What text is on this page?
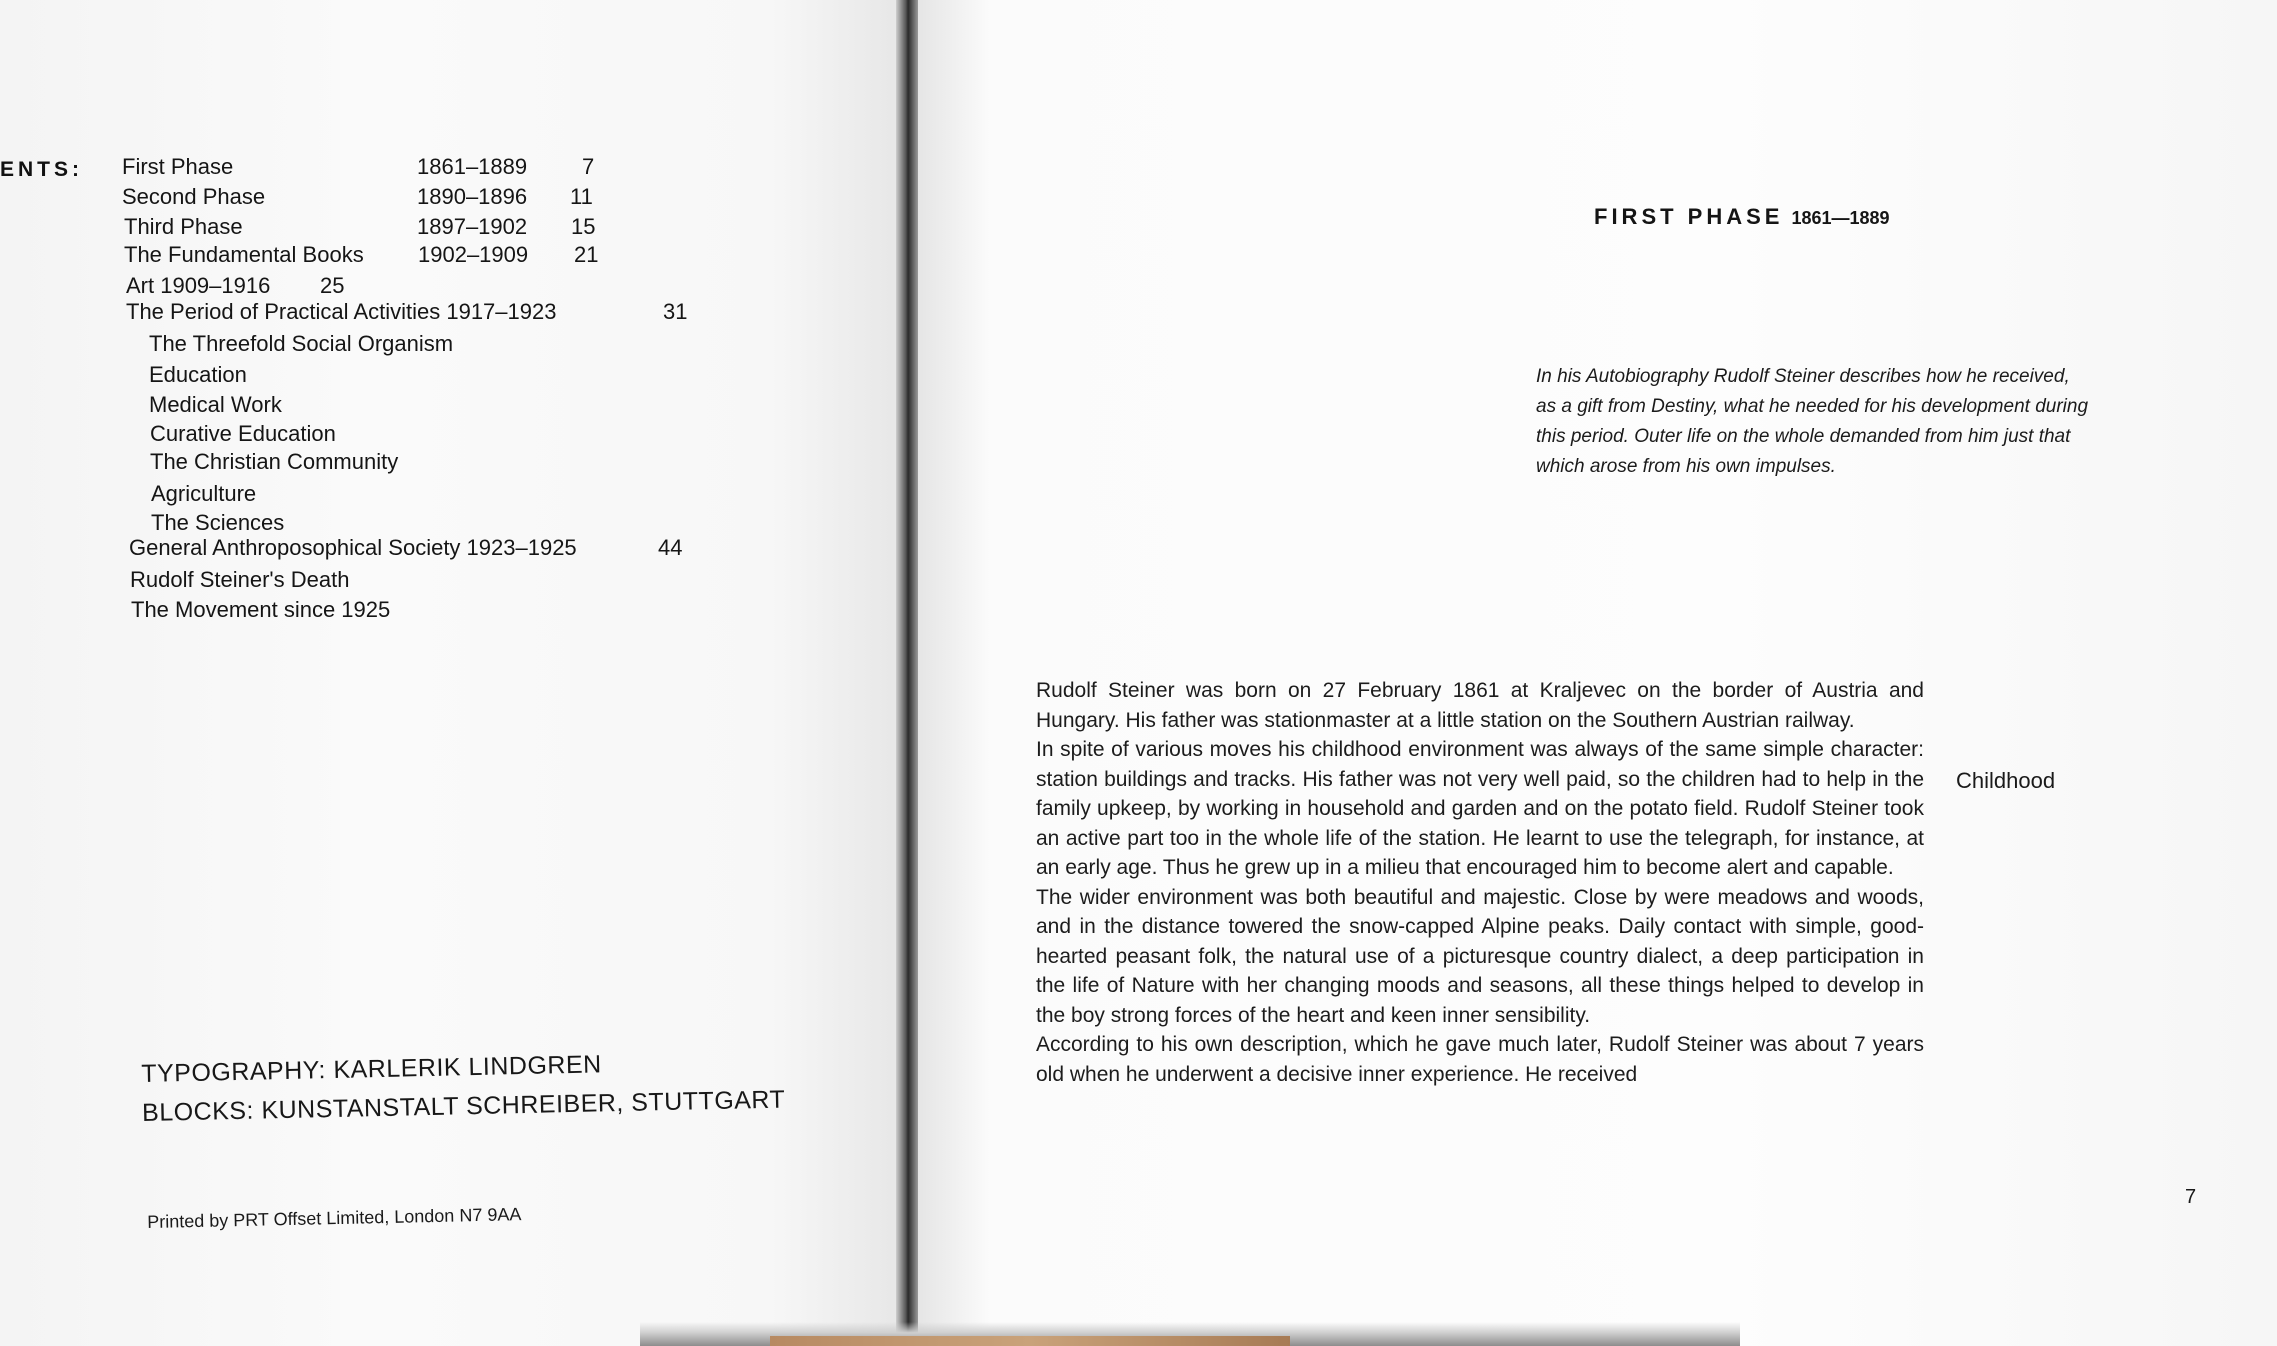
ENTS: First Phase	1861–1889 7
Second Phase	1890–1896 11
Third Phase	1897–1902 15
The Fundamental Books 1902–1909 21
Art 1909–1916 25
The Period of Practical Activities 1917–1923	31
The Threefold Social Organism
Education
Medical Work
Curative Education
The Christian Community
Agriculture
The Sciences
General Anthroposophical Society 1923–1925	44
Rudolf Steiner's Death
The Movement since 1925
TYPOGRAPHY: KARLERIK LINDGREN
BLOCKS: KUNSTANSTALT SCHREIBER, STUTTGART
Printed by PRT Offset Limited, London N7 9AA
FIRST PHASE 1861—1889
In his Autobiography Rudolf Steiner describes how he received,
as a gift from Destiny, what he needed for his development during
this period. Outer life on the whole demanded from him just that
which arose from his own impulses.

Rudolf Steiner was born on 27 February 1861 at Kraljevec on the border of Austria and Hungary. His father was stationmaster at a little station on the Southern Austrian railway.

In spite of various moves his childhood environment was always of the same simple character: station buildings and tracks. His father was not very well paid, so the children had to help in the family upkeep, by working in household and garden and on the potato field. Rudolf Steiner took an active part too in the whole life of the station. He learnt to use the telegraph, for instance, at an early age. Thus he grew up in a milieu that encouraged him to become alert and capable.

The wider environment was both beautiful and majestic. Close by were meadows and woods, and in the distance towered the snow-capped Alpine peaks. Daily contact with simple, good-hearted peasant folk, the natural use of a picturesque country dialect, a deep participation in the life of Nature with her changing moods and seasons, all these things helped to develop in the boy strong forces of the heart and keen inner sensibility.

According to his own description, which he gave much later, Rudolf Steiner was about 7 years old when he underwent a decisive inner experience. He received

Childhood
7
